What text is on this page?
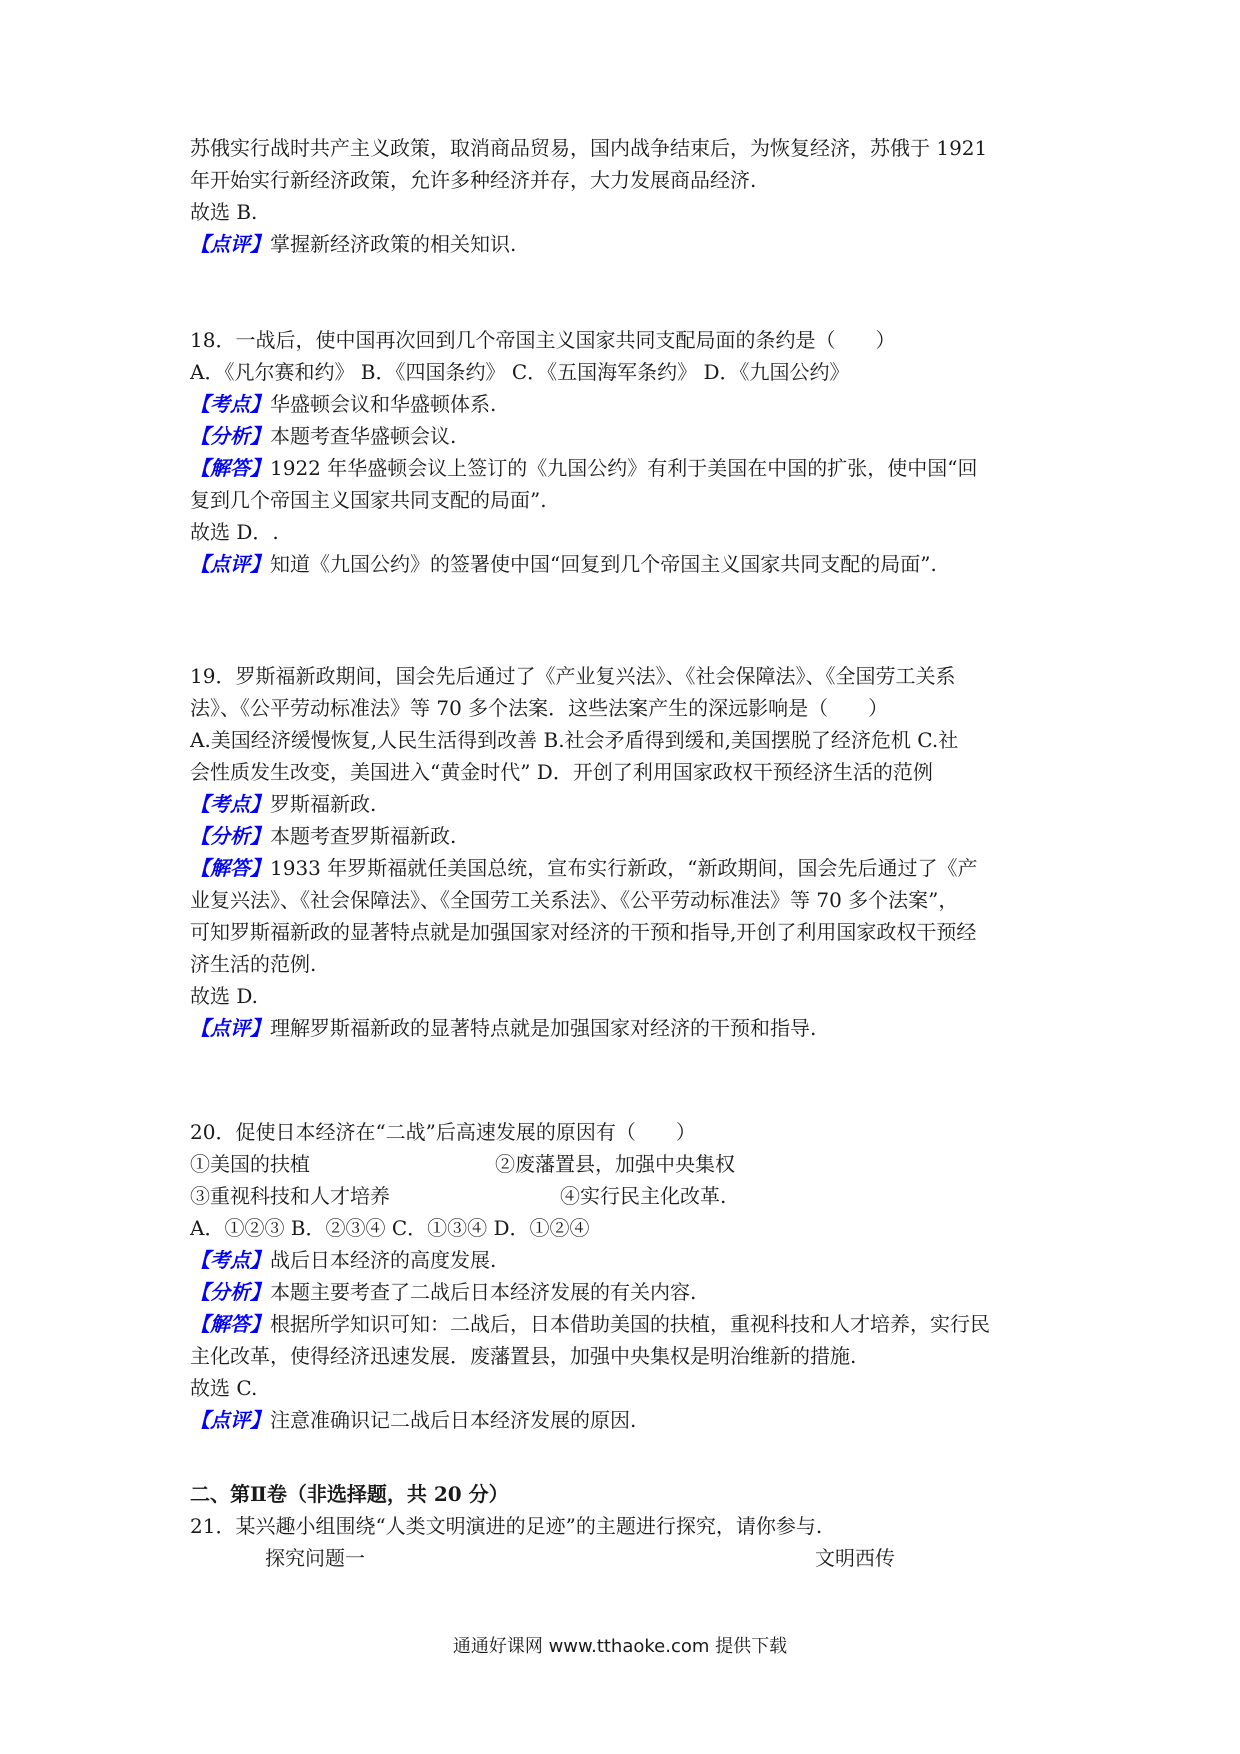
苏俄实行战时共产主义政策，取消商品贸易，国内战争结束后，为恢复经济，苏俄于 1921
年开始实行新经济政策，允许多种经济并存，大力发展商品经济.
故选 B.
【点评】掌握新经济政策的相关知识.
18．一战后，使中国再次回到几个帝国主义国家共同支配局面的条约是（　　）
A．《凡尔赛和约》 B．《四国条约》 C．《五国海军条约》 D．《九国公约》
【考点】华盛顿会议和华盛顿体系.
【分析】本题考查华盛顿会议.
【解答】1922 年华盛顿会议上签订的《九国公约》有利于美国在中国的扩张，使中国“回
复到几个帝国主义国家共同支配的局面”.
故选 D．.
【点评】知道《九国公约》的签署使中国“回复到几个帝国主义国家共同支配的局面”.
19．罗斯福新政期间，国会先后通过了《产业复兴法》、《社会保障法》、《全国劳工关系
法》、《公平劳动标准法》等 70 多个法案．这些法案产生的深远影响是（　　）
A.美国经济缓慢恢复,人民生活得到改善 B.社会矛盾得到缓和,美国摆脱了经济危机 C.社
会性质发生改变，美国进入“黄金时代” D．开创了利用国家政权干预经济生活的范例
【考点】罗斯福新政.
【分析】本题考查罗斯福新政.
【解答】1933 年罗斯福就任美国总统，宣布实行新政，“新政期间，国会先后通过了《产
业复兴法》、《社会保障法》、《全国劳工关系法》、《公平劳动标准法》等 70 多个法案”，
可知罗斯福新政的显著特点就是加强国家对经济的干预和指导,开创了利用国家政权干预经
济生活的范例.
故选 D.
【点评】理解罗斯福新政的显著特点就是加强国家对经济的干预和指导.
20．促使日本经济在“二战”后高速发展的原因有（　　）
①美国的扶植	②废藩置县，加强中央集权
③重视科技和人才培养	④实行民主化改革.
A．①②③ B．②③④ C．①③④ D．①②④
【考点】战后日本经济的高度发展.
【分析】本题主要考查了二战后日本经济发展的有关内容.
【解答】根据所学知识可知：二战后，日本借助美国的扶植，重视科技和人才培养，实行民
主化改革，使得经济迅速发展．废藩置县，加强中央集权是明治维新的措施.
故选 C.
【点评】注意准确识记二战后日本经济发展的原因.
二、第Ⅱ卷（非选择题，共 20 分）
21．某兴趣小组围绕“人类文明演进的足迹”的主题进行探究，请你参与.
探究问题一	文明西传
通通好课网 www.tthaoke.com 提供下载
